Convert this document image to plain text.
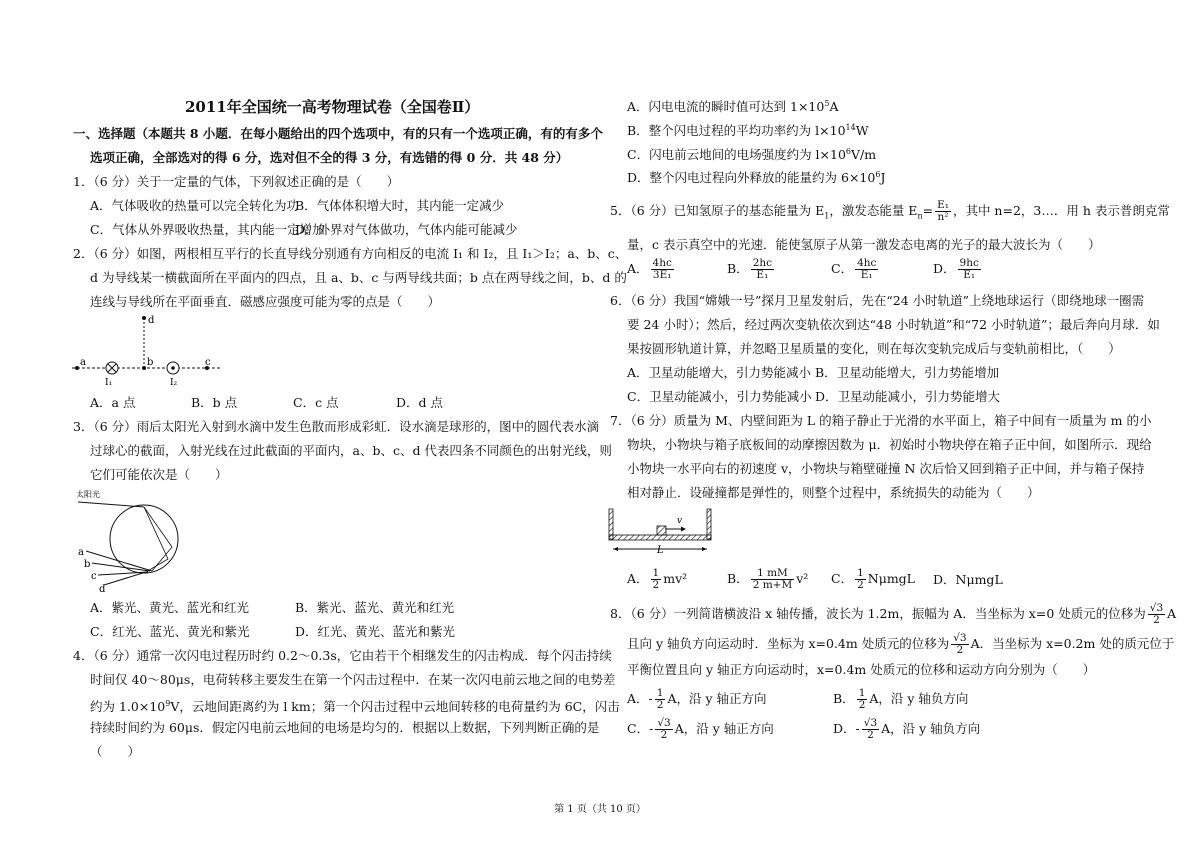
2011年全国统一高考物理试卷（全国卷Ⅱ）
一、选择题（本题共 8 小题．在每小题给出的四个选项中，有的只有一个选项正确，有的有多个
选项正确，全部选对的得 6 分，选对但不全的得 3 分，有选错的得 0 分．共 48 分）
1．（6 分）关于一定量的气体，下列叙述正确的是（　　）
A．气体吸收的热量可以完全转化为功
B．气体体积增大时，其内能一定减少
C．气体从外界吸收热量，其内能一定增加
D．外界对气体做功，气体内能可能减少
2．（6 分）如图，两根相互平行的长直导线分别通有方向相反的电流 I₁ 和 I₂，且 I₁＞I₂；a、b、c、
d 为导线某一横截面所在平面内的四点，且 a、b、c 与两导线共面；b 点在两导线之间，b、d 的
连线与导线所在平面垂直．磁感应强度可能为零的点是（　　）
d
a
I₁
b
I₂
c
A．a 点	B．b 点	C．c 点	D．d 点
3．（6 分）雨后太阳光入射到水滴中发生色散而形成彩虹．设水滴是球形的，图中的圆代表水滴
过球心的截面，入射光线在过此截面的平面内，a、b、c、d 代表四条不同颜色的出射光线，则
它们可能依次是（　　）
太阳光
a
b
c
d
A．紫光、黄光、蓝光和红光	B．紫光、蓝光、黄光和红光
C．红光、蓝光、黄光和紫光	D．红光、黄光、蓝光和紫光
4．（6 分）通常一次闪电过程历时约 0.2～0.3s，它由若干个相继发生的闪击构成．每个闪击持续
时间仅 40～80μs，电荷转移主要发生在第一个闪击过程中．在某一次闪电前云地之间的电势差
约为 $1.0\times 10^9V$，云地间距离约为 l km；第一个闪击过程中云地间转移的电荷量约为 6C，闪击
持续时间约为 60μs．假定闪电前云地间的电场是均匀的．根据以上数据，下列判断正确的是
（　　）
A．闪电电流的瞬时值可达到 $1\times 10^5A$
B．整个闪电过程的平均功率约为 $l\times 10^{14}W$
C．闪电前云地间的电场强度约为 $l\times 10^6V/m$
D．整个闪电过程向外释放的能量约为 $6\times 10^6J$
5．（6 分）已知氢原子的基态能量为 $E_1$，激发态能量 $E_n= \frac{\text{E₁}}{\text{n²}}$ ，其中 n=2，3…．用 h 表示普朗克常
量，c 表示真空中的光速．能使氢原子从第一激发态电离的光子的最大波长为（　　）
A． $\frac{4hc}{\text{3E₁}}$	B． $\frac{2hc}{\text{E₁}}$	C． $\frac{4hc}{\text{E₁}}$	D． $\frac{9hc}{\text{E₁}}$
6．（6 分）我国“嫦娥一号”探月卫星发射后，先在“24 小时轨道”上绕地球运行（即绕地球一圈需
要 24 小时）；然后，经过两次变轨依次到达“48 小时轨道”和“72 小时轨道”；最后奔向月球．如
果按圆形轨道计算，并忽略卫星质量的变化，则在每次变轨完成后与变轨前相比，（　　）
A．卫星动能增大，引力势能减小 B．卫星动能增大，引力势能增加
C．卫星动能减小，引力势能减小 D．卫星动能减小，引力势能增大
7．（6 分）质量为 M、内壁间距为 L 的箱子静止于光滑的水平面上，箱子中间有一质量为 m 的小
物块，小物块与箱子底板间的动摩擦因数为 μ．初始时小物块停在箱子正中间，如图所示．现给
小物块一水平向右的初速度 v，小物块与箱壁碰撞 N 次后恰又回到箱子正中间，并与箱子保持
相对静止．设碰撞都是弹性的，则整个过程中，系统损失的动能为（　　）
v
L
A． $\frac{1}{2} mv^2$	B． $\frac{1 mM}{2 m+M} v^2$ C． $\frac{1}{2}$ NμmgL D．NμmgL
8．（6 分）一列简谐横波沿 x 轴传播，波长为 1.2m，振幅为 A．当坐标为 x=0 处质元的位移为 $\frac{√3}{2}$ A
且向 y 轴负方向运动时．坐标为 x=0.4m 处质元的位移为 $\frac{√3}{2}$ A．当坐标为 x=0.2m 处的质元位于
平衡位置且向 y 轴正方向运动时，x=0.4m 处质元的位移和运动方向分别为（　　）
A．- $\frac{1}{2}$ A，沿 y 轴正方向	B． $\frac{1}{2}$ A，沿 y 轴负方向
C．- $\frac{√3}{2}$ A，沿 y 轴正方向	D．- $\frac{√3}{2}$ A，沿 y 轴负方向
第 1 页（共 10 页）
